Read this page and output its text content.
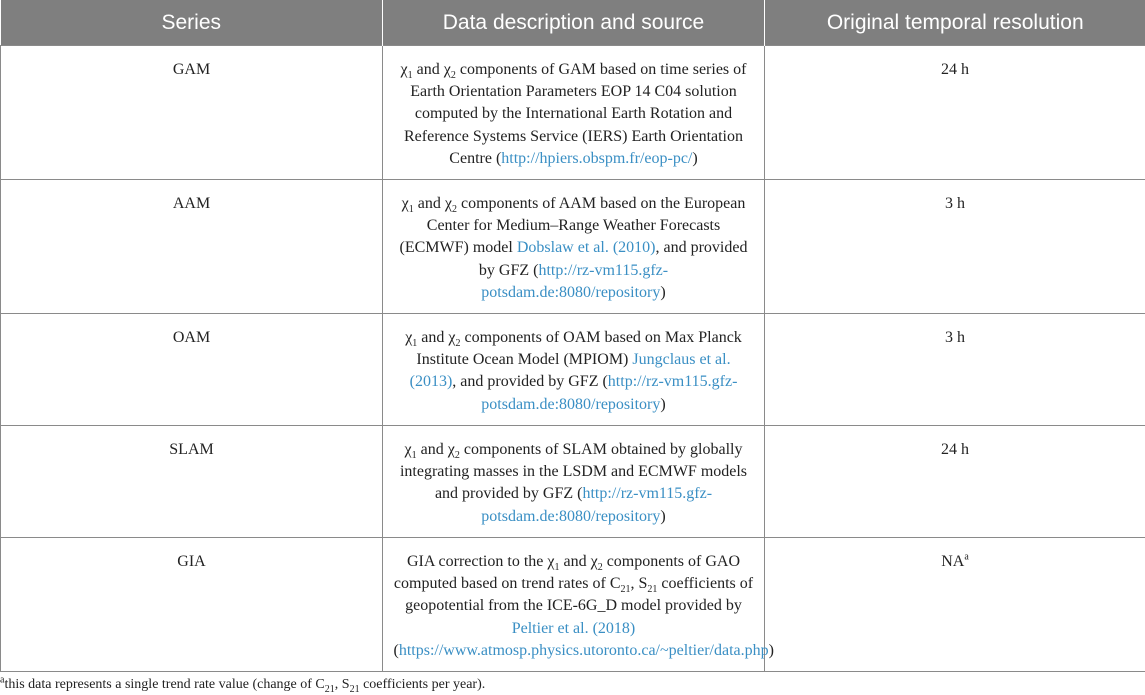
Series	Data description and source	Original temporal resolution
GAM	$\chi_1$ and $\chi_2$ components of GAM based on time series of Earth Orientation Parameters EOP 14 C04 solution computed by the International Earth Rotation and Reference Systems Service (IERS) Earth Orientation Centre (http://hpiers.obspm.fr/eop-pc/)	24 h
AAM	$\chi_1$ and $\chi_2$ components of AAM based on the European Center for Medium–Range Weather Forecasts (ECMWF) model Dobslaw et al. (2010), and provided by GFZ (http://rz-vm115.gfz-potsdam.de:8080/repository)	3 h
OAM	$\chi_1$ and $\chi_2$ components of OAM based on Max Planck Institute Ocean Model (MPIOM) Jungclaus et al. (2013), and provided by GFZ (http://rz-vm115.gfz-potsdam.de:8080/repository)	3 h
SLAM	$\chi_1$ and $\chi_2$ components of SLAM obtained by globally integrating masses in the LSDM and ECMWF models and provided by GFZ (http://rz-vm115.gfz-potsdam.de:8080/repository)	24 h
GIA	GIA correction to the $\chi_1$ and $\chi_2$ components of GAO computed based on trend rates of $C_{21}$, $S_{21}$ coefficients of geopotential from the ICE-6G_D model provided by Peltier et al. (2018) (https://www.atmosp.physics.utoronto.ca/~peltier/data.php)	$NA^a$
$^a$this data represents a single trend rate value (change of $C_{21}$, $S_{21}$ coefficients per year).
